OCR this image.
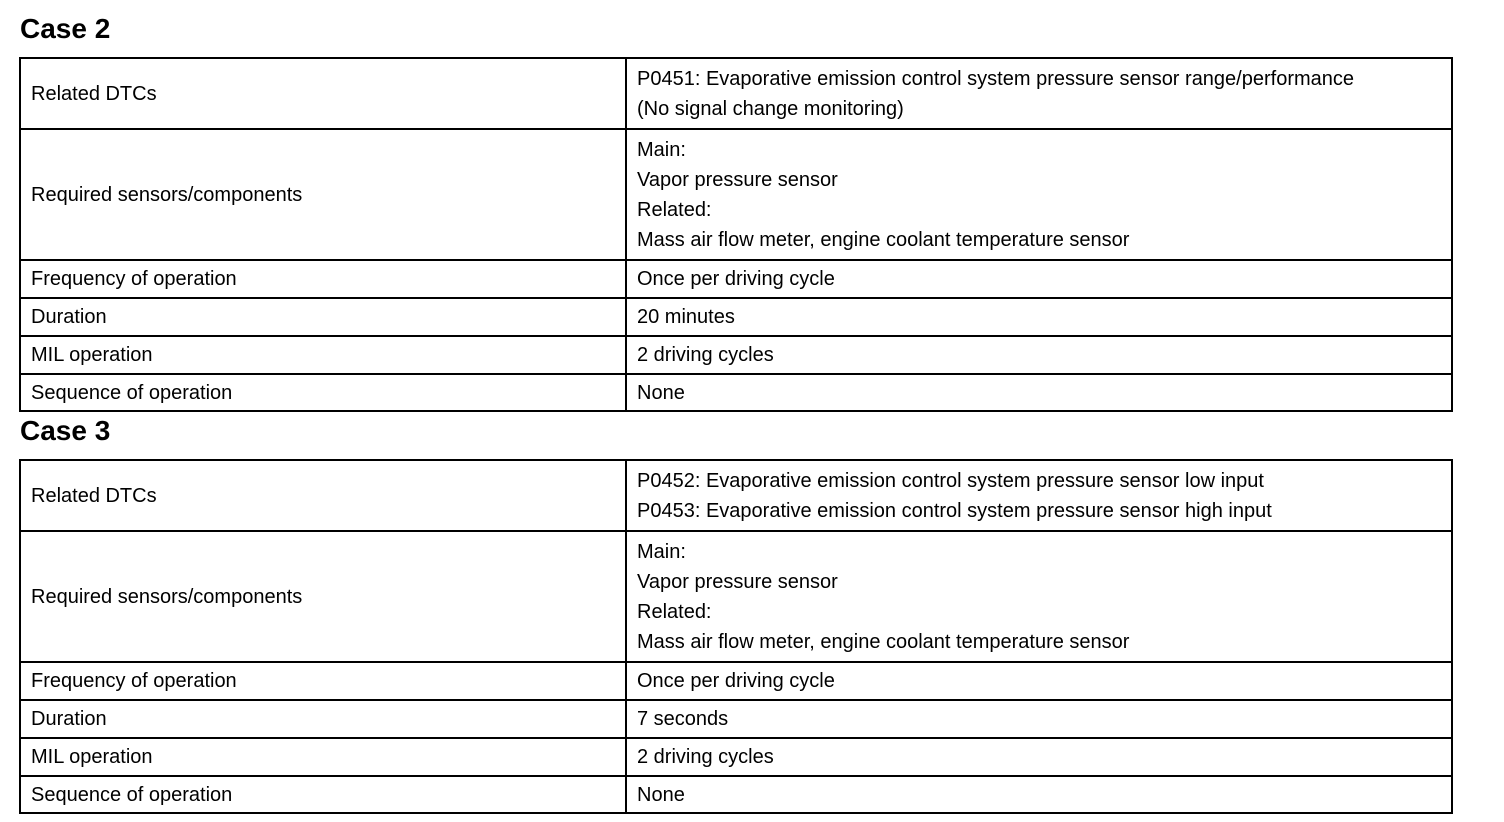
Case 2
Related DTCs	P0451: Evaporative emission control system pressure sensor range/performance
(No signal change monitoring)

Required sensors/components	Main:
Vapor pressure sensor
Related:
Mass air flow meter, engine coolant temperature sensor

Frequency of operation	Once per driving cycle
Duration	20 minutes
MIL operation	2 driving cycles
Sequence of operation	None
Case 3
Related DTCs	P0452: Evaporative emission control system pressure sensor low input
P0453: Evaporative emission control system pressure sensor high input

Required sensors/components	Main:
Vapor pressure sensor
Related:
Mass air flow meter, engine coolant temperature sensor

Frequency of operation	Once per driving cycle
Duration	7 seconds
MIL operation	2 driving cycles
Sequence of operation	None
